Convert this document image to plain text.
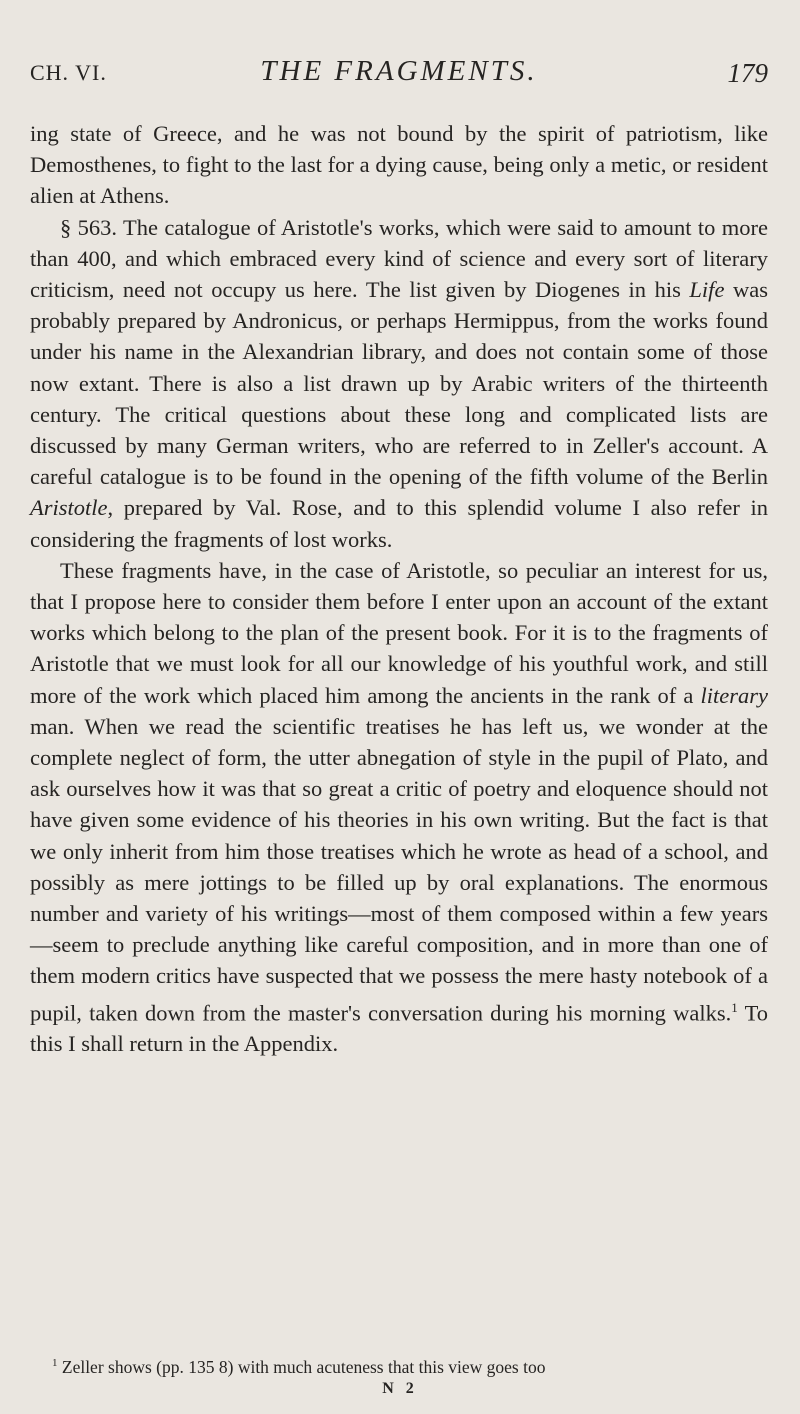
CH. VI.	THE FRAGMENTS.	179

ing state of Greece, and he was not bound by the spirit of patriotism, like Demosthenes, to fight to the last for a dying cause, being only a metic, or resident alien at Athens.

§ 563. The catalogue of Aristotle's works, which were said to amount to more than 400, and which embraced every kind of science and every sort of literary criticism, need not occupy us here. The list given by Diogenes in his Life was probably prepared by Andronicus, or perhaps Hermippus, from the works found under his name in the Alexandrian library, and does not contain some of those now extant. There is also a list drawn up by Arabic writers of the thirteenth century. The critical questions about these long and complicated lists are discussed by many German writers, who are referred to in Zeller's account. A careful catalogue is to be found in the opening of the fifth volume of the Berlin Aristotle, prepared by Val. Rose, and to this splendid volume I also refer in considering the fragments of lost works.

These fragments have, in the case of Aristotle, so peculiar an interest for us, that I propose here to consider them before I enter upon an account of the extant works which belong to the plan of the present book. For it is to the fragments of Aristotle that we must look for all our knowledge of his youthful work, and still more of the work which placed him among the ancients in the rank of a literary man. When we read the scientific treatises he has left us, we wonder at the complete neglect of form, the utter abnegation of style in the pupil of Plato, and ask ourselves how it was that so great a critic of poetry and eloquence should not have given some evidence of his theories in his own writing. But the fact is that we only inherit from him those treatises which he wrote as head of a school, and possibly as mere jottings to be filled up by oral explanations. The enormous number and variety of his writings—most of them composed within a few years—seem to preclude anything like careful composition, and in more than one of them modern critics have suspected that we possess the mere hasty notebook of a pupil, taken down from the master's conversation during his morning walks.$^1$ To this I shall return in the Appendix.

$^1$ Zeller shows (pp. 135 8) with much acuteness that this view goes too
N 2
